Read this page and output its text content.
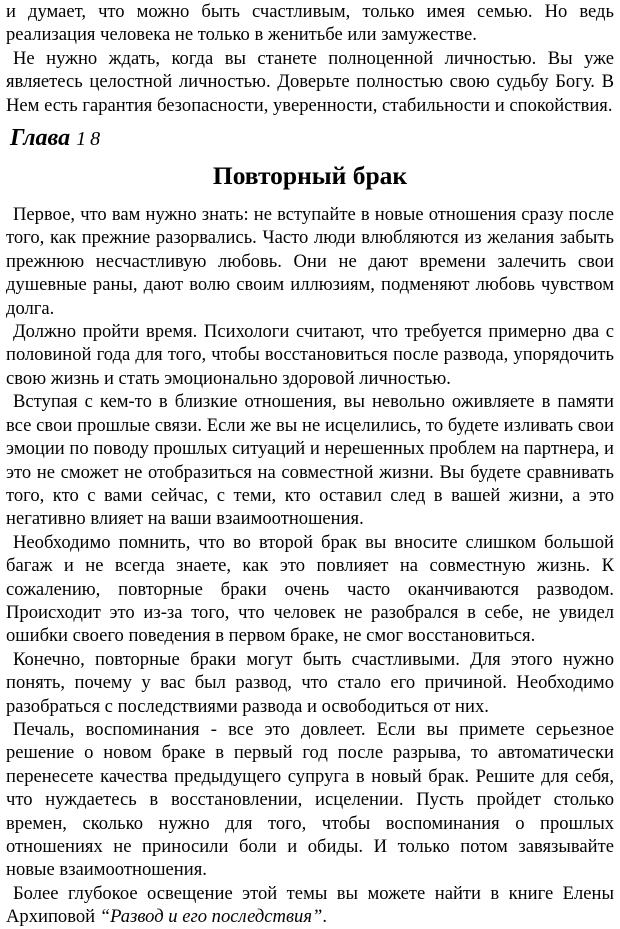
и думает, что можно быть счастливым, только имея семью. Но ведь реализация человека не только в женитьбе или замужестве.

Не нужно ждать, когда вы станете полноценной личностью. Вы уже являетесь целостной личностью. Доверьте полностью свою судьбу Богу. В Нем есть гарантия безопасности, уверенности, стабильности и спокойствия.

Глава 18
Повторный брак

Первое, что вам нужно знать: не вступайте в новые отношения сразу после того, как прежние разорвались. Часто люди влюбляются из желания забыть прежнюю несчастливую любовь. Они не дают времени залечить свои душевные раны, дают волю своим иллюзиям, подменяют любовь чувством долга.

Должно пройти время. Психологи считают, что требуется примерно два с половиной года для того, чтобы восстановиться после развода, упорядочить свою жизнь и стать эмоционально здоровой личностью.

Вступая с кем-то в близкие отношения, вы невольно оживляете в памяти все свои прошлые связи. Если же вы не исцелились, то будете изливать свои эмоции по поводу прошлых ситуаций и нерешенных проблем на партнера, и это не сможет не отобразиться на совместной жизни. Вы будете сравнивать того, кто с вами сейчас, с теми, кто оставил след в вашей жизни, а это негативно влияет на ваши взаимоотношения.

Необходимо помнить, что во второй брак вы вносите слишком большой багаж и не всегда знаете, как это повлияет на совместную жизнь. К сожалению, повторные браки очень часто оканчиваются разводом. Происходит это из-за того, что человек не разобрался в себе, не увидел ошибки своего поведения в первом браке, не смог восстановиться.

Конечно, повторные браки могут быть счастливыми. Для этого нужно понять, почему у вас был развод, что стало его причиной. Необходимо разобраться с последствиями развода и освободиться от них.

Печаль, воспоминания - все это довлеет. Если вы примете серьезное решение о новом браке в первый год после разрыва, то автоматически перенесете качества предыдущего супруга в новый брак. Решите для себя, что нуждаетесь в восстановлении, исцелении. Пусть пройдет столько времен, сколько нужно для того, чтобы воспоминания о прошлых отношениях не приносили боли и обиды. И только потом завязывайте новые взаимоотношения.

Более глубокое освещение этой темы вы можете найти в книге Елены Архиповой “Развод и его последствия”.
